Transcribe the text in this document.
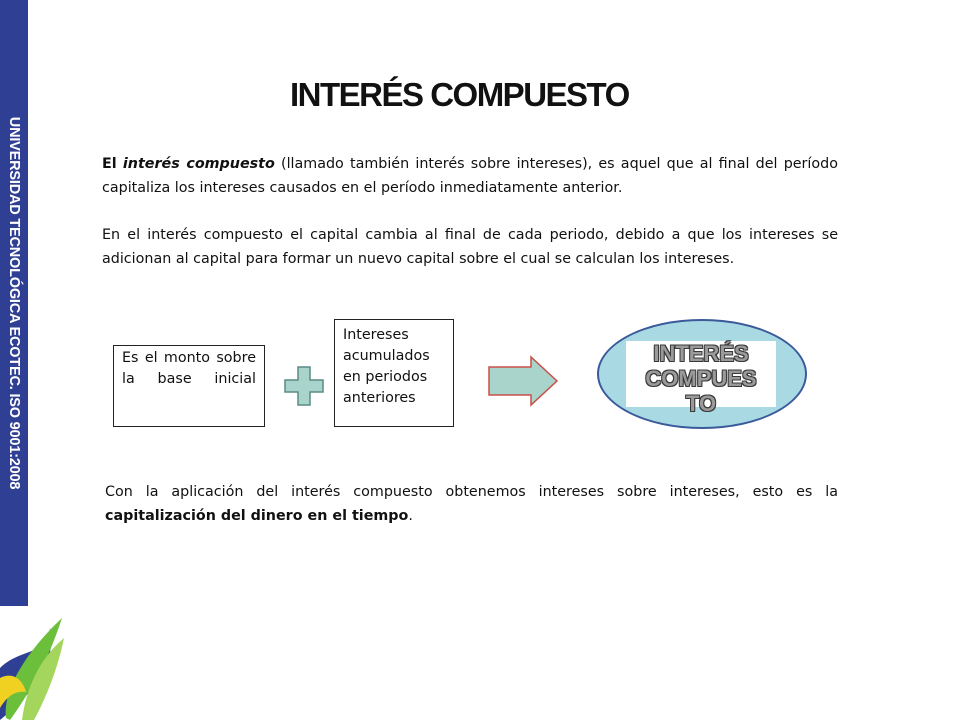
UNIVERSIDAD TECNOLÓGICA ECOTEC. ISO 9001:2008
INTERÉS COMPUESTO
El interés compuesto (llamado también interés sobre intereses), es aquel que al final del período capitaliza los intereses causados en el período inmediatamente anterior.
En el interés compuesto el capital cambia al final de cada periodo, debido a que los intereses se adicionan al capital para formar un nuevo capital sobre el cual se calculan los intereses.
Es el monto sobre la base inicial
Intereses acumulados en periodos anteriores
INTERÉS
COMPUES
TO
Con la aplicación del interés compuesto obtenemos intereses sobre intereses, esto es la capitalización del dinero en el tiempo.
